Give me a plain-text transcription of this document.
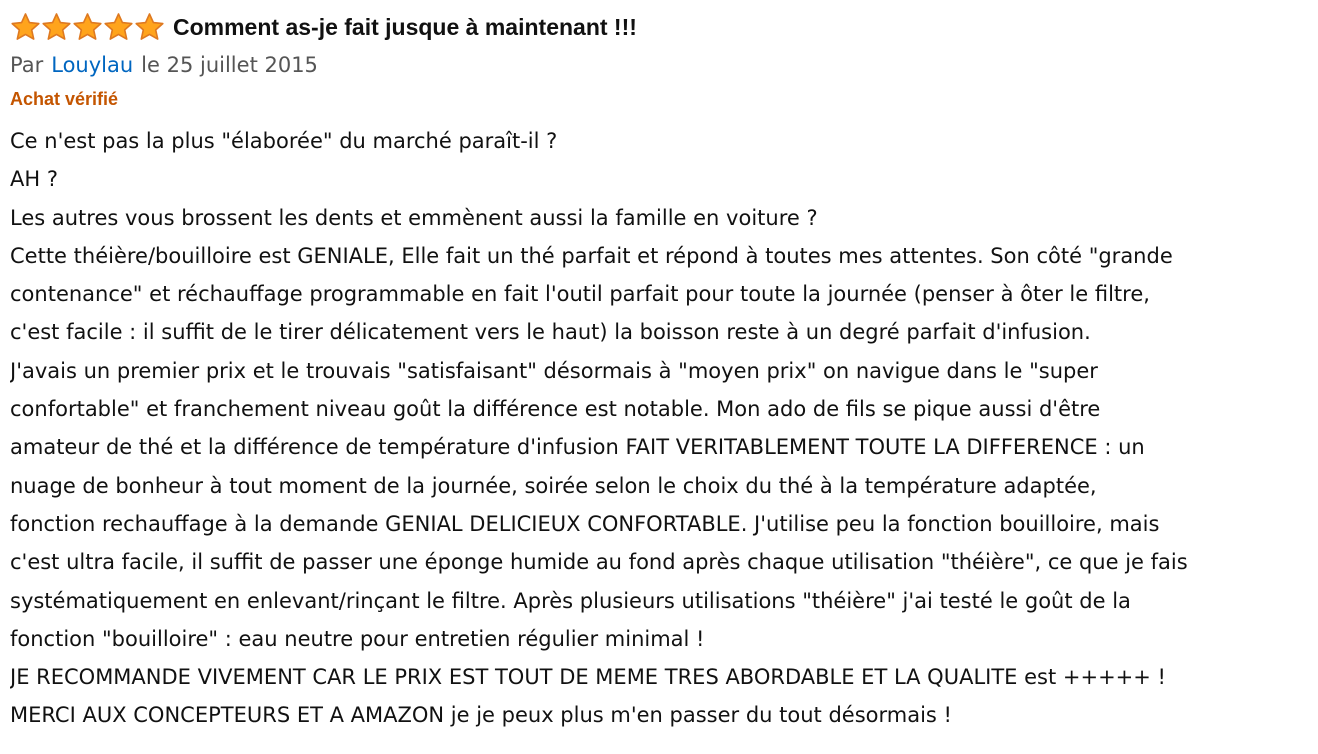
Comment as-je fait jusque à maintenant !!!
Par Louylau le 25 juillet 2015
Achat vérifié
Ce n'est pas la plus "élaborée" du marché paraît-il ?
AH ?
Les autres vous brossent les dents et emmènent aussi la famille en voiture ?
Cette théière/bouilloire est GENIALE, Elle fait un thé parfait et répond à toutes mes attentes. Son côté "grande
contenance" et réchauffage programmable en fait l'outil parfait pour toute la journée (penser à ôter le filtre,
c'est facile : il suffit de le tirer délicatement vers le haut) la boisson reste à un degré parfait d'infusion.
J'avais un premier prix et le trouvais "satisfaisant" désormais à "moyen prix" on navigue dans le "super
confortable" et franchement niveau goût la différence est notable. Mon ado de fils se pique aussi d'être
amateur de thé et la différence de température d'infusion FAIT VERITABLEMENT TOUTE LA DIFFERENCE : un
nuage de bonheur à tout moment de la journée, soirée selon le choix du thé à la température adaptée,
fonction rechauffage à la demande GENIAL DELICIEUX CONFORTABLE. J'utilise peu la fonction bouilloire, mais
c'est ultra facile, il suffit de passer une éponge humide au fond après chaque utilisation "théière", ce que je fais
systématiquement en enlevant/rinçant le filtre. Après plusieurs utilisations "théière" j'ai testé le goût de la
fonction "bouilloire" : eau neutre pour entretien régulier minimal !
JE RECOMMANDE VIVEMENT CAR LE PRIX EST TOUT DE MEME TRES ABORDABLE ET LA QUALITE est +++++ !
MERCI AUX CONCEPTEURS ET A AMAZON je je peux plus m'en passer du tout désormais !
